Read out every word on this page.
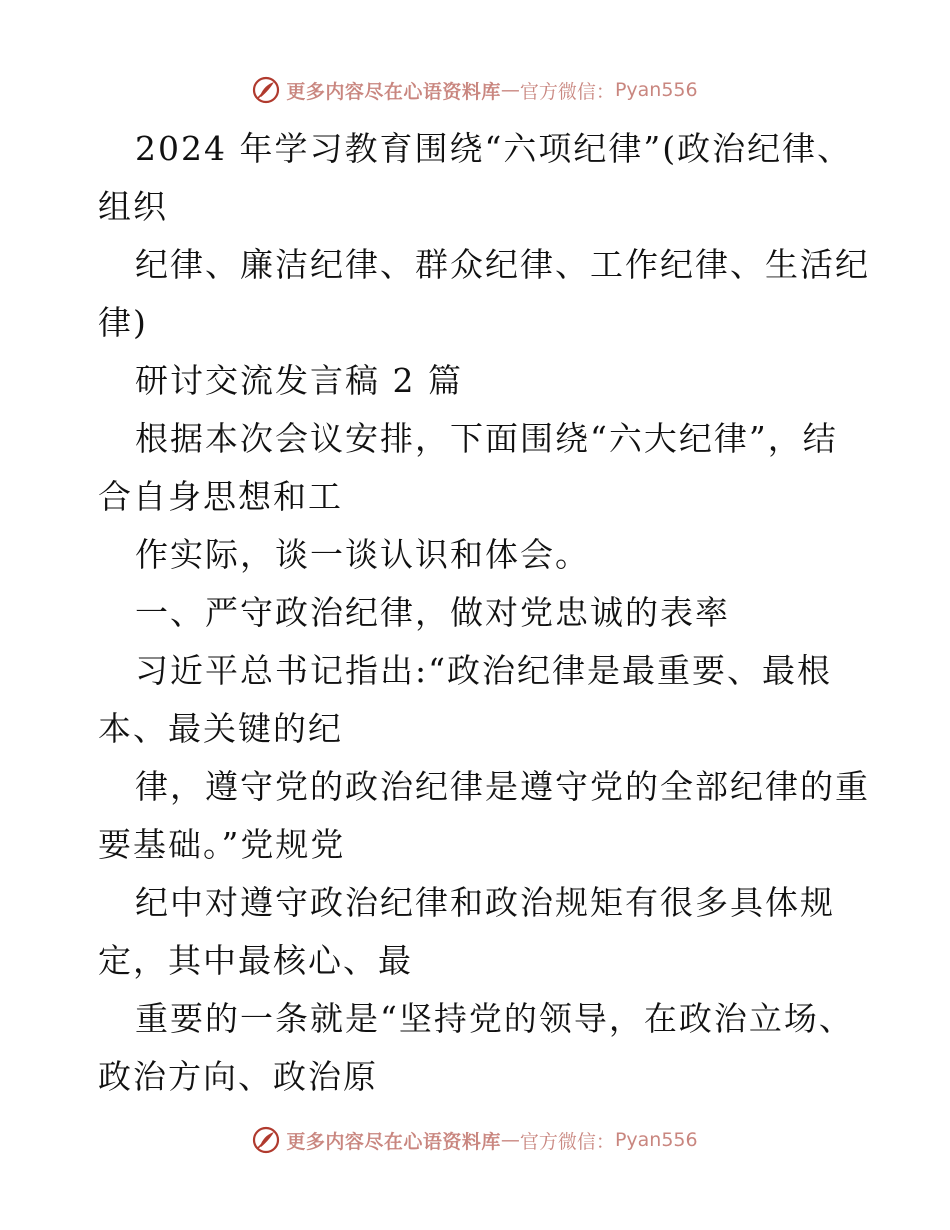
更多内容尽在心语资料库 — 官方微信： Pyan556
2024 年学习教育围绕“六项纪律”(政治纪律、
组织
纪律、廉洁纪律、群众纪律、工作纪律、生活纪
律)
研讨交流发言稿 2 篇
根据本次会议安排，下面围绕“六大纪律”，结
合自身思想和工
作实际，谈一谈认识和体会。
一、严守政治纪律，做对党忠诚的表率
习近平总书记指出:“政治纪律是最重要、最根
本、最关键的纪
律，遵守党的政治纪律是遵守党的全部纪律的重
要基础。”党规党
纪中对遵守政治纪律和政治规矩有很多具体规
定，其中最核心、最
重要的一条就是“坚持党的领导，在政治立场、
政治方向、政治原
更多内容尽在心语资料库 — 官方微信： Pyan556
